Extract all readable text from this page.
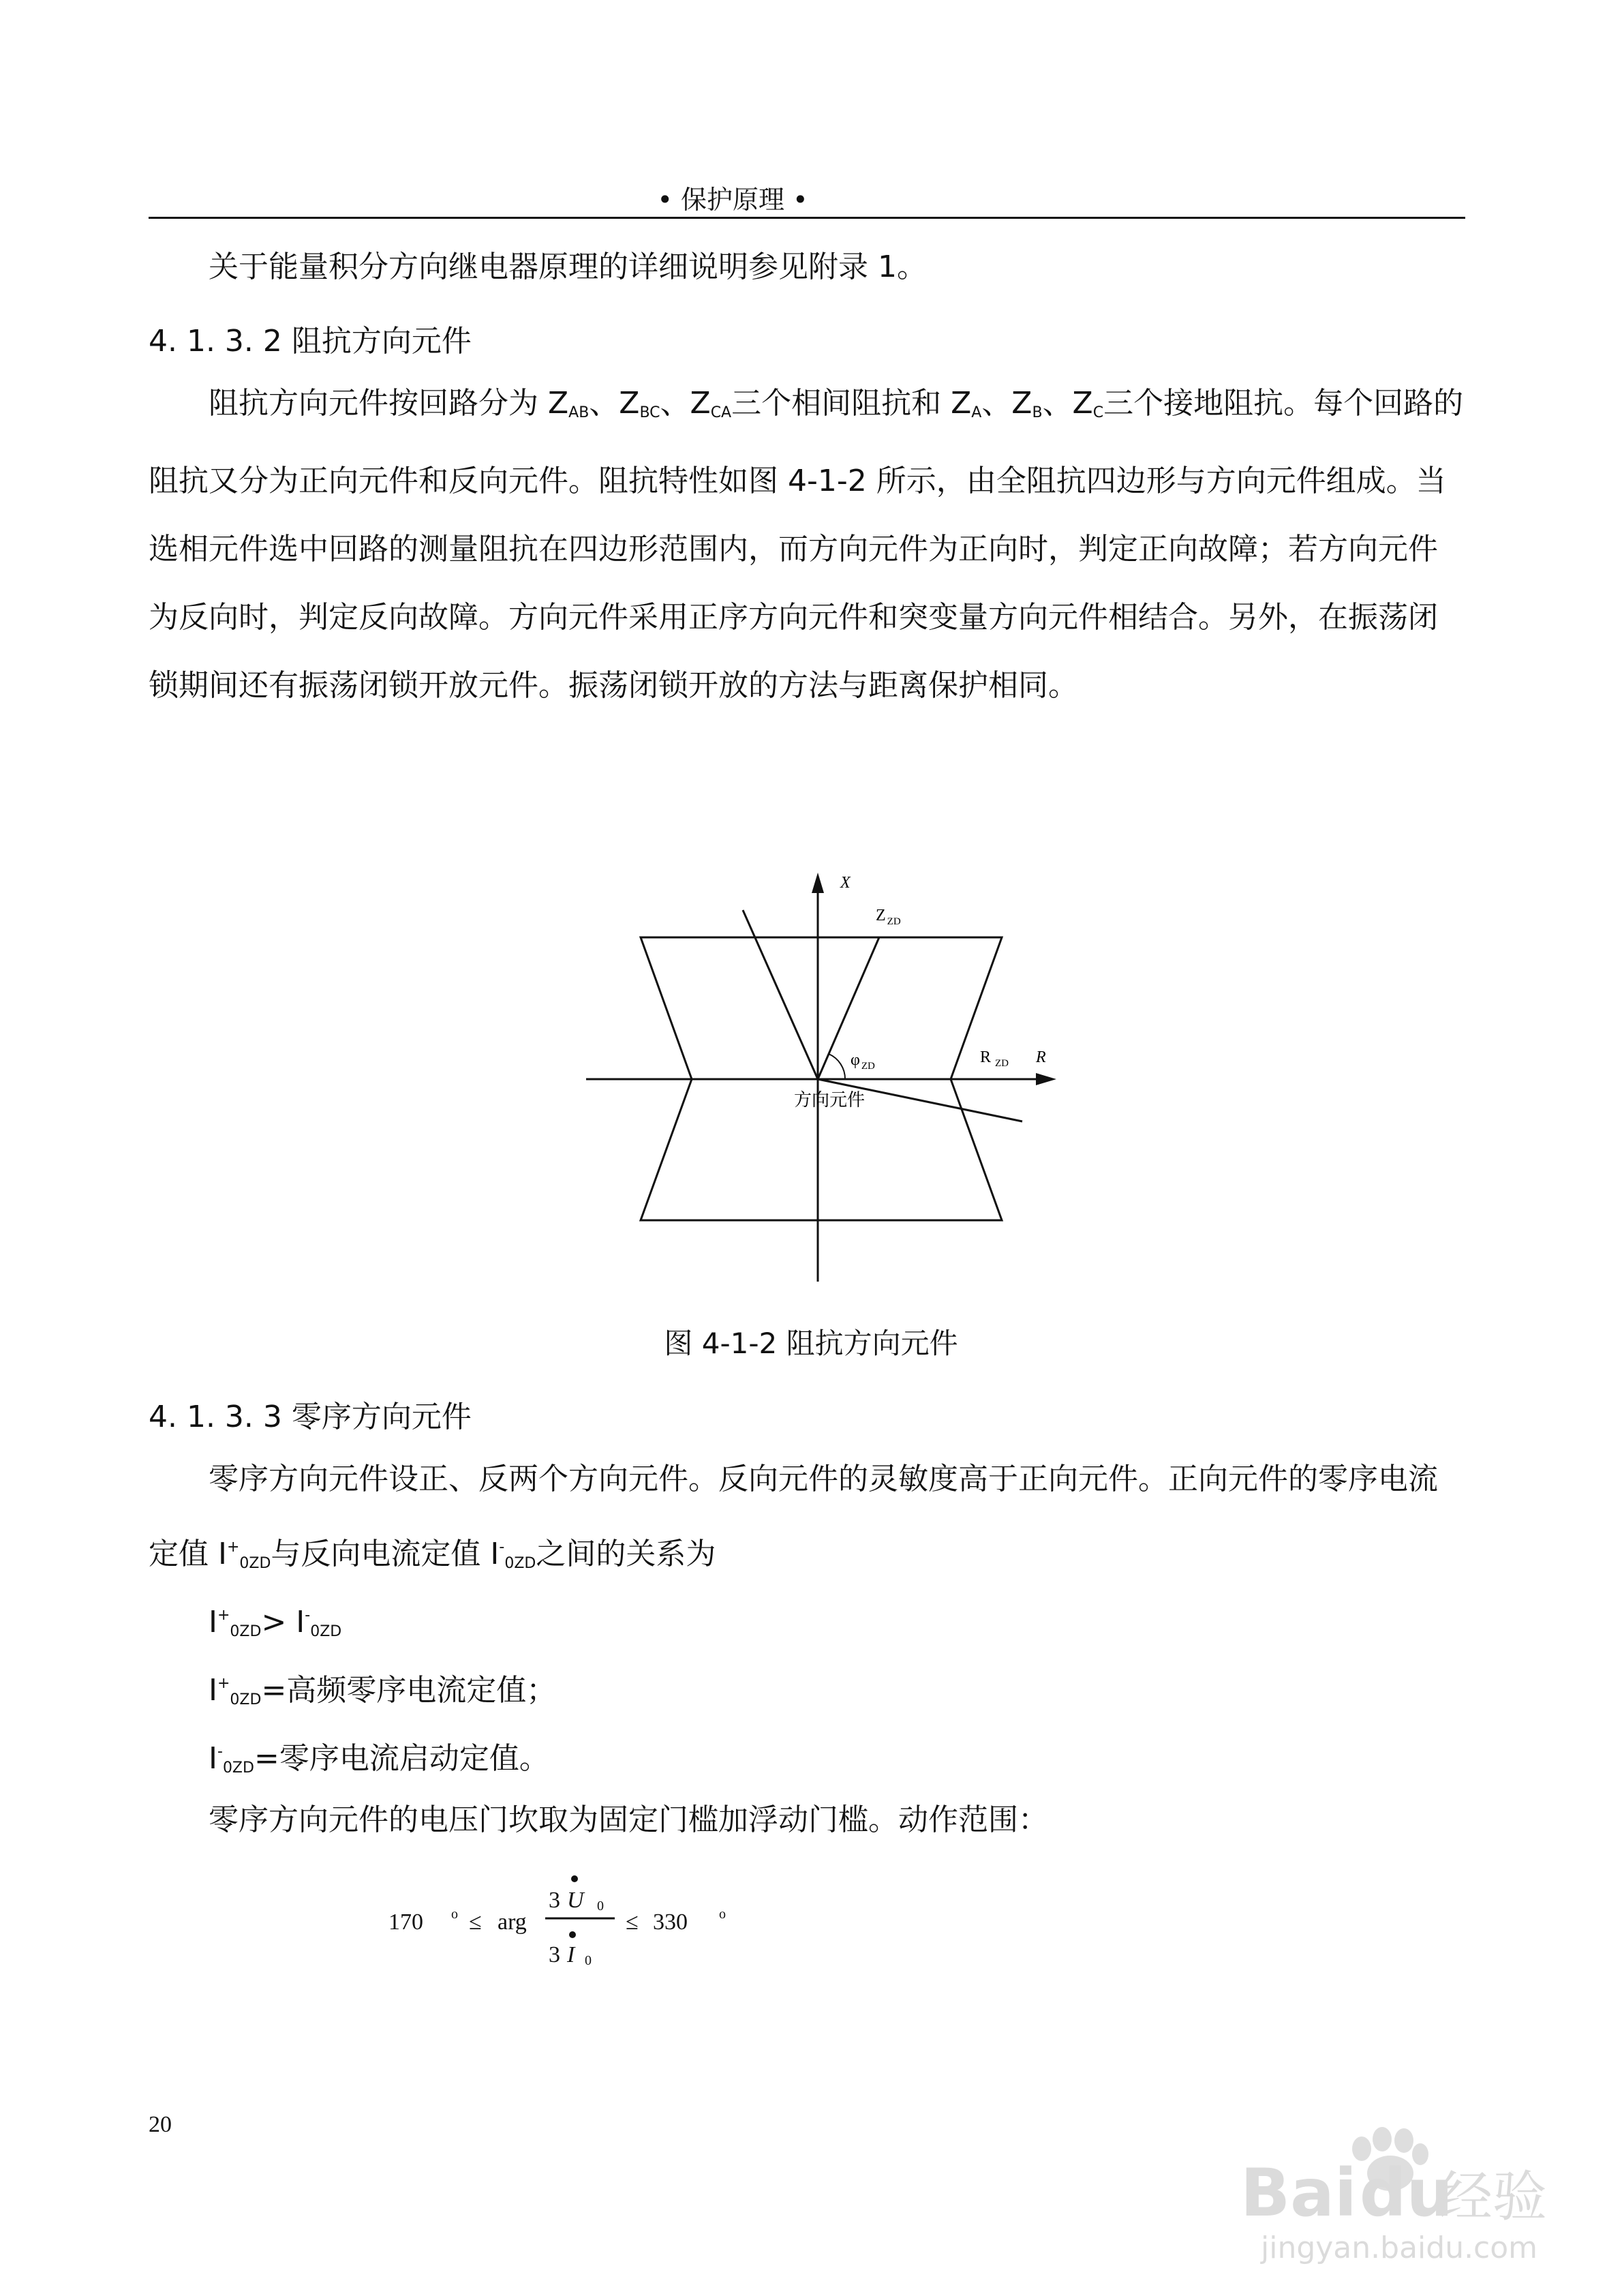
• 保护原理 •

关于能量积分方向继电器原理的详细说明参见附录 1。

4. 1. 3. 2 阻抗方向元件

阻抗方向元件按回路分为 $Z_{AB}$、$Z_{BC}$、$Z_{CA}$三个相间阻抗和 $Z_A$、$Z_B$、$Z_C$三个接地阻抗。每个回路的阻抗又分为正向元件和反向元件。阻抗特性如图 4-1-2 所示，由全阻抗四边形与方向元件组成。当选相元件选中回路的测量阻抗在四边形范围内，而方向元件为正向时，判定正向故障；若方向元件为反向时，判定反向故障。方向元件采用正序方向元件和突变量方向元件相结合。另外，在振荡闭锁期间还有振荡闭锁开放元件。振荡闭锁开放的方法与距离保护相同。

X
R
Z $_{ZD}$
R $_{ZD}$
φ $_{ZD}$
方向元件
图 4-1-2 阻抗方向元件
4. 1. 3. 3 零序方向元件

零序方向元件设正、反两个方向元件。反向元件的灵敏度高于正向元件。正向元件的零序电流定值 $I^+_{0ZD}$与反向电流定值 $I^-_{0ZD}$之间的关系为

$I^+_{0ZD}> I^-_{0ZD}$

$I^+_{0ZD}=$高频零序电流定值；

$I^-_{0ZD}=$零序电流启动定值。

零序方向元件的电压门坎取为固定门槛加浮动门槛。动作范围：

170 o ≤ arg
3 U 0
3 I 0
≤ 330 o
20
Baidu
经验
jingyan.baidu.com
